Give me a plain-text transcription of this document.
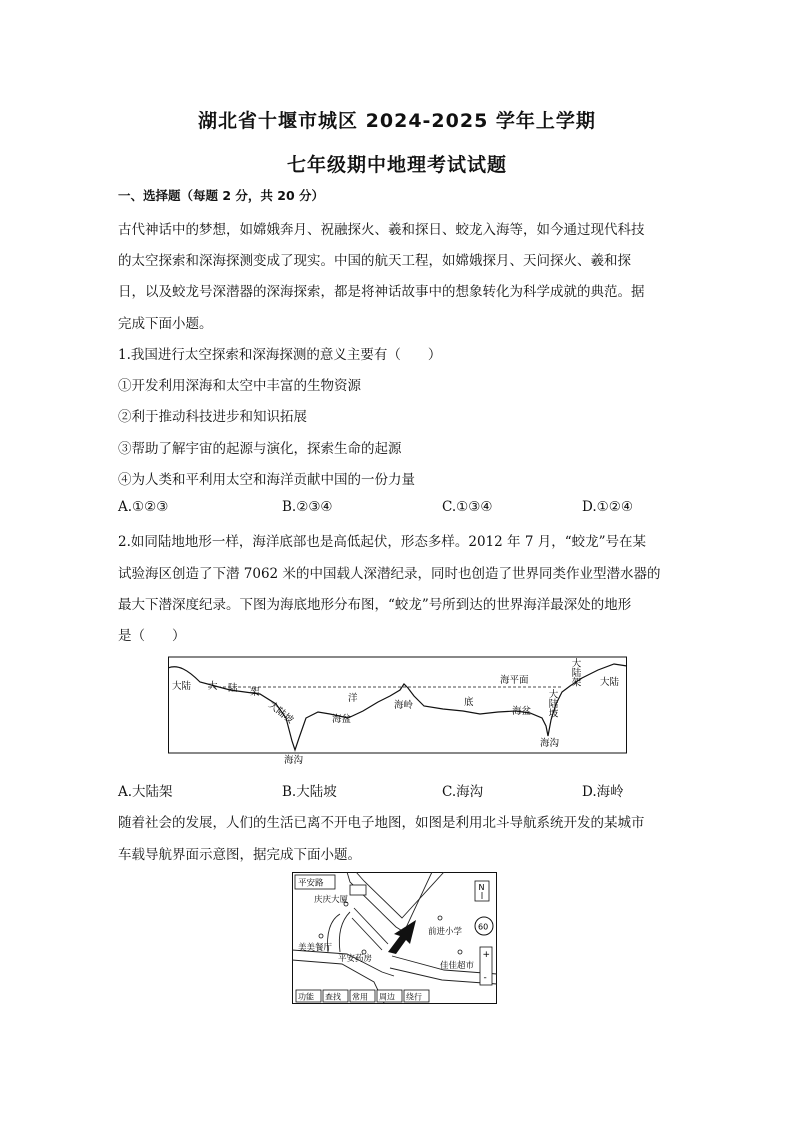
湖北省十堰市城区 2024-2025 学年上学期
七年级期中地理考试试题
一、选择题（每题 2 分，共 20 分）
古代神话中的梦想，如嫦娥奔月、祝融探火、羲和探日、蛟龙入海等，如今通过现代科技
的太空探索和深海探测变成了现实。中国的航天工程，如嫦娥探月、天问探火、羲和探
日，以及蛟龙号深潜器的深海探索，都是将神话故事中的想象转化为科学成就的典范。据
完成下面小题。
1.我国进行太空探索和深海探测的意义主要有（　　）
①开发利用深海和太空中丰富的生物资源
②利于推动科技进步和知识拓展
③帮助了解宇宙的起源与演化，探索生命的起源
④为人类和平利用太空和海洋贡献中国的一份力量
A.①②③	B.②③④	C.①③④	D.①②④
2.如同陆地地形一样，海洋底部也是高低起伏，形态多样。2012 年 7 月，“蛟龙”号在某
试验海区创造了下潜 7062 米的中国载人深潜纪录，同时也创造了世界同类作业型潜水器的
最大下潜深度纪录。下图为海底地形分布图，“蛟龙”号所到达的世界海洋最深处的地形
是（　　）
大陆 大 陆 架
大陆坡
海沟
洋
海盆
海岭	底
海平面
海盆 大陆坡
大陆架 大陆
海沟
A.大陆架	B.大陆坡	C.海沟	D.海岭
随着社会的发展，人们的生活已离不开电子地图，如图是利用北斗导航系统开发的某城市
车载导航界面示意图，据完成下面小题。
平安路
庆庆大厦
美美餐厅
平安药房
前进小学
佳佳超市
N
60
+
-
功能 查找 常用 周边 绕行
